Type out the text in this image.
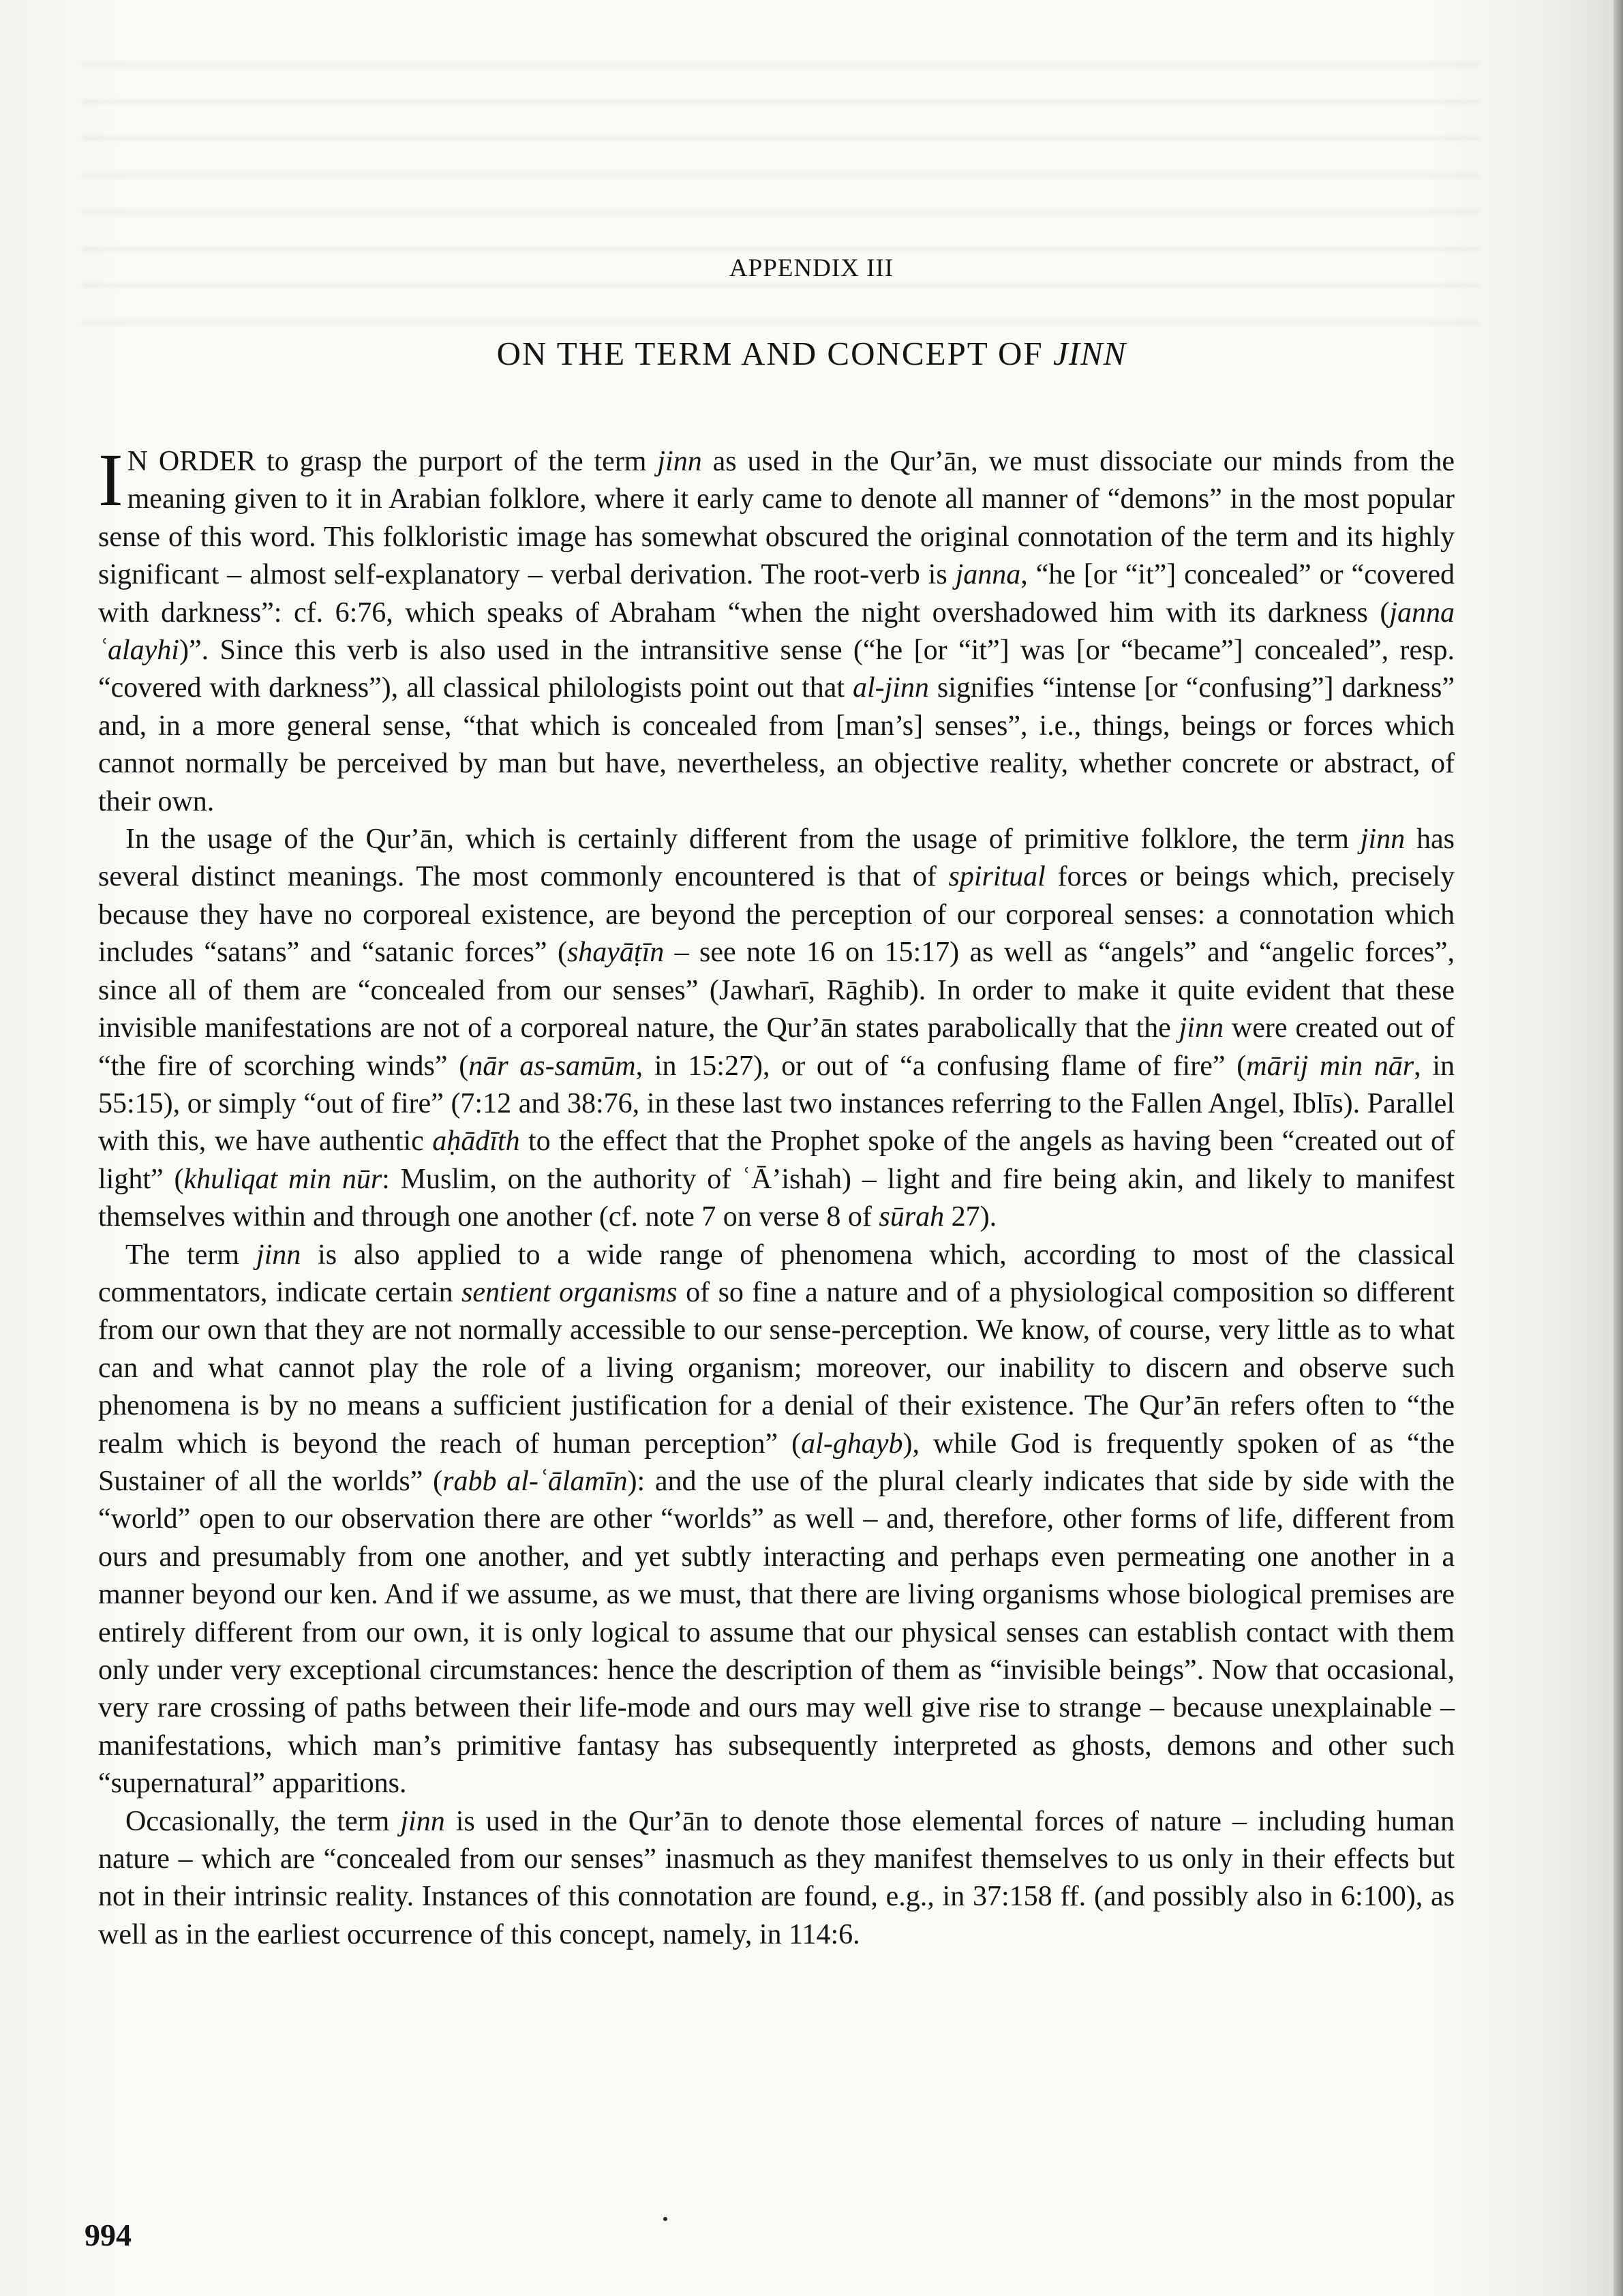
APPENDIX III
ON THE TERM AND CONCEPT OF JINN

I N ORDER to grasp the purport of the term jinn as used in the Qurʼān, we must dissociate our minds from the meaning given to it in Arabian folklore, where it early came to denote all manner of “demons” in the most popular sense of this word. This folkloristic image has somewhat obscured the original connotation of the term and its highly significant – almost self-explanatory – verbal derivation. The root-verb is janna, “he [or “it”] concealed” or “covered with darkness”: cf. 6:76, which speaks of Abraham “when the night overshadowed him with its darkness (janna ʿalayhi)”. Since this verb is also used in the intransitive sense (“he [or “it”] was [or “became”] concealed”, resp. “covered with darkness”), all classical philologists point out that al-jinn signifies “intense [or “confusing”] darkness” and, in a more general sense, “that which is concealed from [man’s] senses”, i.e., things, beings or forces which cannot normally be perceived by man but have, nevertheless, an objective reality, whether concrete or abstract, of their own.

In the usage of the Qurʼān, which is certainly different from the usage of primitive folklore, the term jinn has several distinct meanings. The most commonly encountered is that of spiritual forces or beings which, precisely because they have no corporeal existence, are beyond the perception of our corporeal senses: a connotation which includes “satans” and “satanic forces” (shayāṭīn – see note 16 on 15:17) as well as “angels” and “angelic forces”, since all of them are “concealed from our senses” (Jawharī, Rāghib). In order to make it quite evident that these invisible manifestations are not of a corporeal nature, the Qurʼān states parabolically that the jinn were created out of “the fire of scorching winds” (nār as-samūm, in 15:27), or out of “a confusing flame of fire” (mārij min nār, in 55:15), or simply “out of fire” (7:12 and 38:76, in these last two instances referring to the Fallen Angel, Iblīs). Parallel with this, we have authentic aḥādīth to the effect that the Prophet spoke of the angels as having been “created out of light” (khuliqat min nūr: Muslim, on the authority of ʿĀʼishah) – light and fire being akin, and likely to manifest themselves within and through one another (cf. note 7 on verse 8 of sūrah 27).

The term jinn is also applied to a wide range of phenomena which, according to most of the classical commentators, indicate certain sentient organisms of so fine a nature and of a physiological composition so different from our own that they are not normally accessible to our sense-perception. We know, of course, very little as to what can and what cannot play the role of a living organism; moreover, our inability to discern and observe such phenomena is by no means a sufficient justification for a denial of their existence. The Qurʼān refers often to “the realm which is beyond the reach of human perception” (al-ghayb), while God is frequently spoken of as “the Sustainer of all the worlds” (rabb al-ʿālamīn): and the use of the plural clearly indicates that side by side with the “world” open to our observation there are other “worlds” as well – and, therefore, other forms of life, different from ours and presumably from one another, and yet subtly interacting and perhaps even permeating one another in a manner beyond our ken. And if we assume, as we must, that there are living organisms whose biological premises are entirely different from our own, it is only logical to assume that our physical senses can establish contact with them only under very exceptional circumstances: hence the description of them as “invisible beings”. Now that occasional, very rare crossing of paths between their life-mode and ours may well give rise to strange – because unexplainable – manifestations, which man’s primitive fantasy has subsequently interpreted as ghosts, demons and other such “supernatural” apparitions.

Occasionally, the term jinn is used in the Qurʼān to denote those elemental forces of nature – including human nature – which are “concealed from our senses” inasmuch as they manifest themselves to us only in their effects but not in their intrinsic reality. Instances of this connotation are found, e.g., in 37:158 ff. (and possibly also in 6:100), as well as in the earliest occurrence of this concept, namely, in 114:6.

994
